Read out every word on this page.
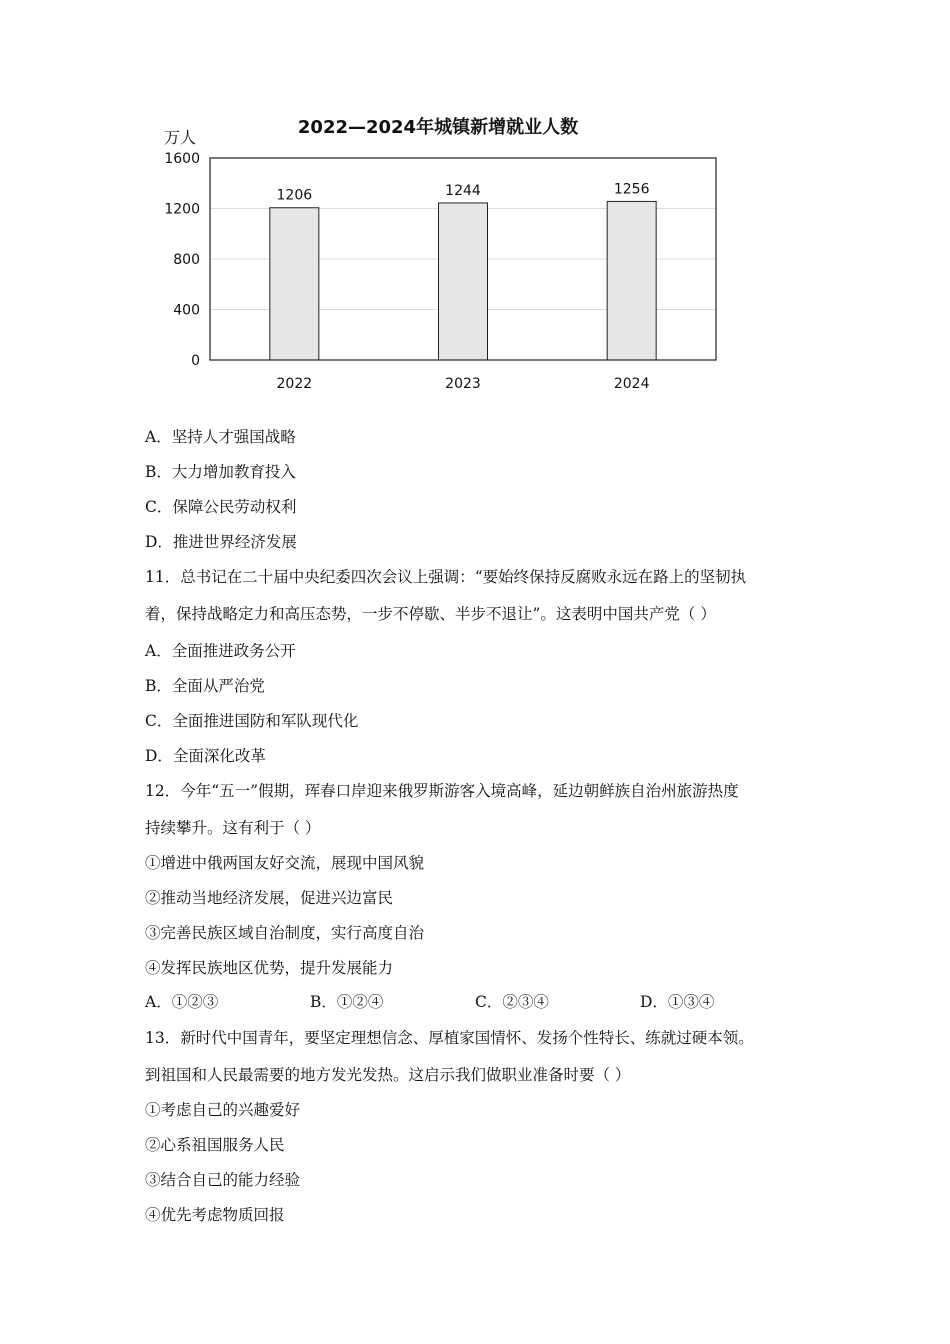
2022—2024年城镇新增就业人数
万人
0
400
800
1200
1600
1206
2022
1244
2023
1256
2024
A．坚持人才强国战略
B．大力增加教育投入
C．保障公民劳动权利
D．推进世界经济发展
11．总书记在二十届中央纪委四次会议上强调：“要始终保持反腐败永远在路上的坚韧执
着，保持战略定力和高压态势，一步不停歇、半步不退让”。这表明中国共产党（ ）
A．全面推进政务公开
B．全面从严治党
C．全面推进国防和军队现代化
D．全面深化改革
12．今年“五一”假期，珲春口岸迎来俄罗斯游客入境高峰，延边朝鲜族自治州旅游热度
持续攀升。这有利于（ ）
①增进中俄两国友好交流，展现中国风貌
②推动当地经济发展，促进兴边富民
③完善民族区域自治制度，实行高度自治
④发挥民族地区优势，提升发展能力
A．①②③	B．①②④	C．②③④	D．①③④
13．新时代中国青年，要坚定理想信念、厚植家国情怀、发扬个性特长、练就过硬本领。
到祖国和人民最需要的地方发光发热。这启示我们做职业准备时要（ ）
①考虑自己的兴趣爱好
②心系祖国服务人民
③结合自己的能力经验
④优先考虑物质回报
